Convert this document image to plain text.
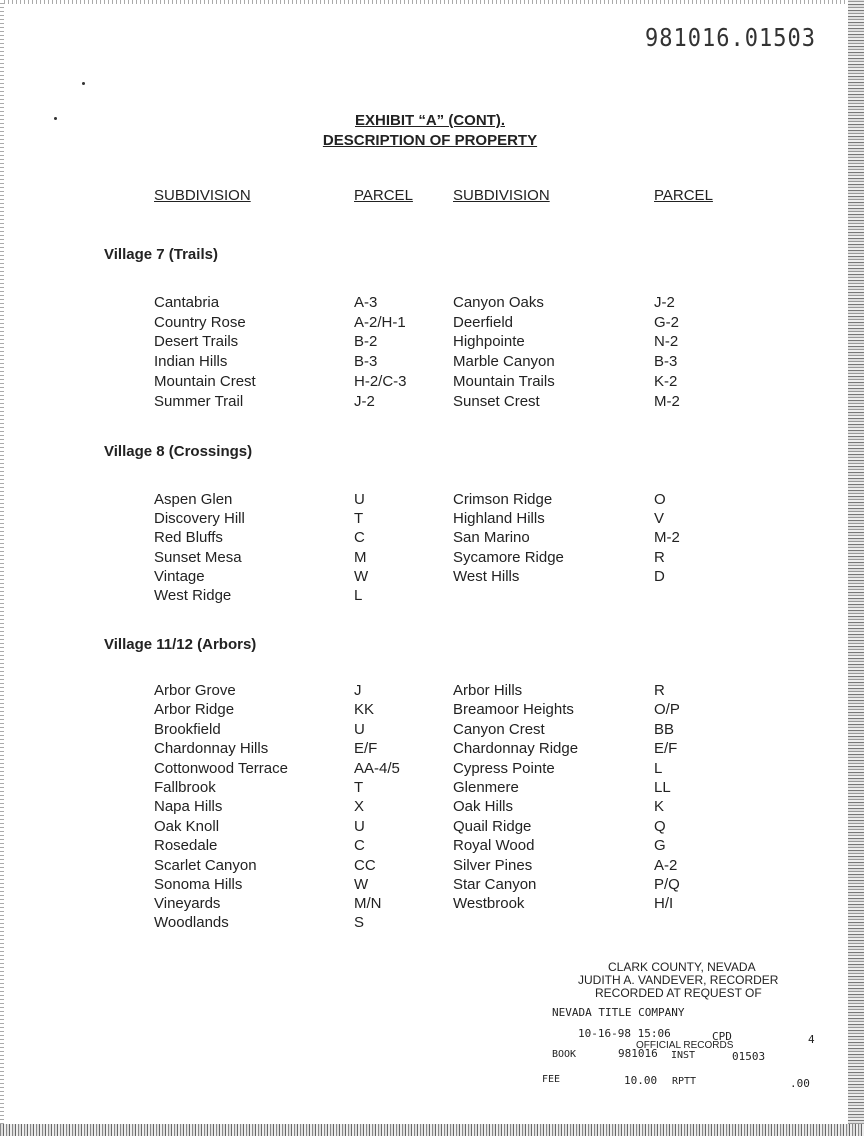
981016.01503
EXHIBIT “A” (CONT).
DESCRIPTION OF PROPERTY
SUBDIVISION	PARCEL	SUBDIVISION	PARCEL
Village 7 (Trails)
Cantabria	A-3	Canyon Oaks	J-2
Country Rose	A-2/H-1	Deerfield	G-2
Desert Trails	B-2	Highpointe	N-2
Indian Hills	B-3	Marble Canyon	B-3
Mountain Crest	H-2/C-3	Mountain Trails	K-2
Summer Trail	J-2	Sunset Crest	M-2
Village 8 (Crossings)
Aspen Glen	U	Crimson Ridge	O
Discovery Hill	T	Highland Hills	V
Red Bluffs	C	San Marino	M-2
Sunset Mesa	M	Sycamore Ridge	R
Vintage	W	West Hills	D
West Ridge	L
Village 11/12 (Arbors)
Arbor Grove	J	Arbor Hills	R
Arbor Ridge	KK	Breamoor Heights	O/P
Brookfield	U	Canyon Crest	BB
Chardonnay Hills	E/F	Chardonnay Ridge	E/F
Cottonwood Terrace	AA-4/5	Cypress Pointe	L
Fallbrook	T	Glenmere	LL
Napa Hills	X	Oak Hills	K
Oak Knoll	U	Quail Ridge	Q
Rosedale	C	Royal Wood	G
Scarlet Canyon	CC	Silver Pines	A-2
Sonoma Hills	W	Star Canyon	P/Q
Vineyards	M/N	Westbrook	H/I
Woodlands	S
CLARK COUNTY, NEVADA
JUDITH A. VANDEVER, RECORDER
RECORDED AT REQUEST OF
NEVADA TITLE COMPANY
10-16-98 15:06	CPD	4
OFFICIAL RECORDS
BOOK	981016 INST	01503
FEE	10.00 RPTT	.00
